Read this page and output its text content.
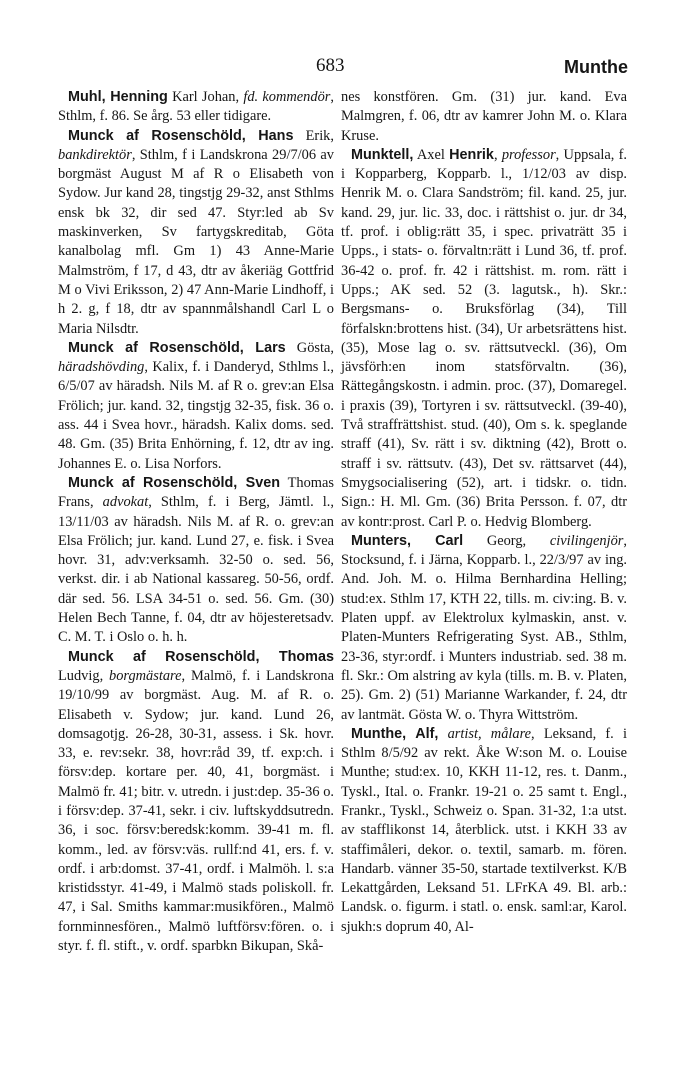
683	Munthe

Muhl, Henning Karl Johan, fd. kommendör, Sthlm, f. 86. Se årg. 53 eller tidigare.

Munck af Rosenschöld, Hans Erik, bankdirektör, Sthlm, f i Landskrona 29/7/06 av borgmäst August M af R o Elisabeth von Sydow. Jur kand 28, tingstjg 29-32, anst Sthlms ensk bk 32, dir sed 47. Styr:led ab Sv maskinverken, Sv fartygskreditab, Göta kanalbolag mfl. Gm 1) 43 Anne-Marie Malmström, f 17, d 43, dtr av åkeriäg Gottfrid M o Vivi Eriksson, 2) 47 Ann-Marie Lindhoff, i h 2. g, f 18, dtr av spannmålshandl Carl L o Maria Nilsdtr.

Munck af Rosenschöld, Lars Gösta, häradshövding, Kalix, f. i Danderyd, Sthlms l., 6/5/07 av häradsh. Nils M. af R o. grev:an Elsa Frölich; jur. kand. 32, tingstjg 32-35, fisk. 36 o. ass. 44 i Svea hovr., häradsh. Kalix doms. sed. 48. Gm. (35) Brita Enhörning, f. 12, dtr av ing. Johannes E. o. Lisa Norfors.

Munck af Rosenschöld, Sven Thomas Frans, advokat, Sthlm, f. i Berg, Jämtl. l., 13/11/03 av häradsh. Nils M. af R. o. grev:an Elsa Frölich; jur. kand. Lund 27, e. fisk. i Svea hovr. 31, adv:verksamh. 32-50 o. sed. 56, verkst. dir. i ab National kassareg. 50-56, ordf. där sed. 56. LSA 34-51 o. sed. 56. Gm. (30) Helen Bech Tanne, f. 04, dtr av höjesteretsadv. C. M. T. i Oslo o. h. h.

Munck af Rosenschöld, Thomas Ludvig, borgmästare, Malmö, f. i Landskrona 19/10/99 av borgmäst. Aug. M. af R. o. Elisabeth v. Sydow; jur. kand. Lund 26, domsagotjg. 26-28, 30-31, assess. i Sk. hovr. 33, e. rev:sekr. 38, hovr:råd 39, tf. exp:ch. i försv:dep. kortare per. 40, 41, borgmäst. i Malmö fr. 41; bitr. v. utredn. i just:dep. 35-36 o. i försv:dep. 37-41, sekr. i civ. luftskyddsutredn. 36, i soc. försv:beredsk:komm. 39-41 m. fl. komm., led. av försv:väs. rullf:nd 41, ers. f. v. ordf. i arb:domst. 37-41, ordf. i Malmöh. l. s:a kristidsstyr. 41-49, i Malmö stads poliskoll. fr. 47, i Sal. Smiths kammar:musikfören., Malmö fornminnesfören., Malmö luftförsv:fören. o. i styr. f. fl. stift., v. ordf. sparbkn Bikupan, Skå-

nes konstfören. Gm. (31) jur. kand. Eva Malmgren, f. 06, dtr av kamrer John M. o. Klara Kruse.

Munktell, Axel Henrik, professor, Uppsala, f. i Kopparberg, Kopparb. l., 1/12/03 av disp. Henrik M. o. Clara Sandström; fil. kand. 25, jur. kand. 29, jur. lic. 33, doc. i rättshist o. jur. dr 34, tf. prof. i oblig:rätt 35, i spec. privaträtt 35 i Upps., i stats- o. förvaltn:rätt i Lund 36, tf. prof. 36-42 o. prof. fr. 42 i rättshist. m. rom. rätt i Upps.; AK sed. 52 (3. lagutsk., h). Skr.: Bergsmans- o. Bruksförlag (34), Till förfalskn:brottens hist. (34), Ur arbetsrättens hist. (35), Mose lag o. sv. rättsutveckl. (36), Om jävsförh:en inom statsförvaltn. (36), Rättegångskostn. i admin. proc. (37), Domaregel. i praxis (39), Tortyren i sv. rättsutveckl. (39-40), Två straffrättshist. stud. (40), Om s. k. speglande straff (41), Sv. rätt i sv. diktning (42), Brott o. straff i sv. rättsutv. (43), Det sv. rättsarvet (44), Smygsocialisering (52), art. i tidskr. o. tidn. Sign.: H. Ml. Gm. (36) Brita Persson. f. 07, dtr av kontr:prost. Carl P. o. Hedvig Blomberg.

Munters, Carl Georg, civilingenjör, Stocksund, f. i Järna, Kopparb. l., 22/3/97 av ing. And. Joh. M. o. Hilma Bernhardina Helling; stud:ex. Sthlm 17, KTH 22, tills. m. civ:ing. B. v. Platen uppf. av Elektrolux kylmaskin, anst. v. Platen-Munters Refrigerating Syst. AB., Sthlm, 23-36, styr:ordf. i Munters industriab. sed. 38 m. fl. Skr.: Om alstring av kyla (tills. m. B. v. Platen, 25). Gm. 2) (51) Marianne Warkander, f. 24, dtr av lantmät. Gösta W. o. Thyra Wittström.

Munthe, Alf, artist, målare, Leksand, f. i Sthlm 8/5/92 av rekt. Åke W:son M. o. Louise Munthe; stud:ex. 10, KKH 11-12, res. t. Danm., Tyskl., Ital. o. Frankr. 19-21 o. 25 samt t. Engl., Frankr., Tyskl., Schweiz o. Span. 31-32, 1:a utst. av stafflikonst 14, återblick. utst. i KKH 33 av staffimåleri, dekor. o. textil, samarb. m. fören. Handarb. vänner 35-50, startade textilverkst. K/B Lekattgården, Leksand 51. LFrKA 49. Bl. arb.: Landsk. o. figurm. i statl. o. ensk. saml:ar, Karol. sjukh:s doprum 40, Al-
